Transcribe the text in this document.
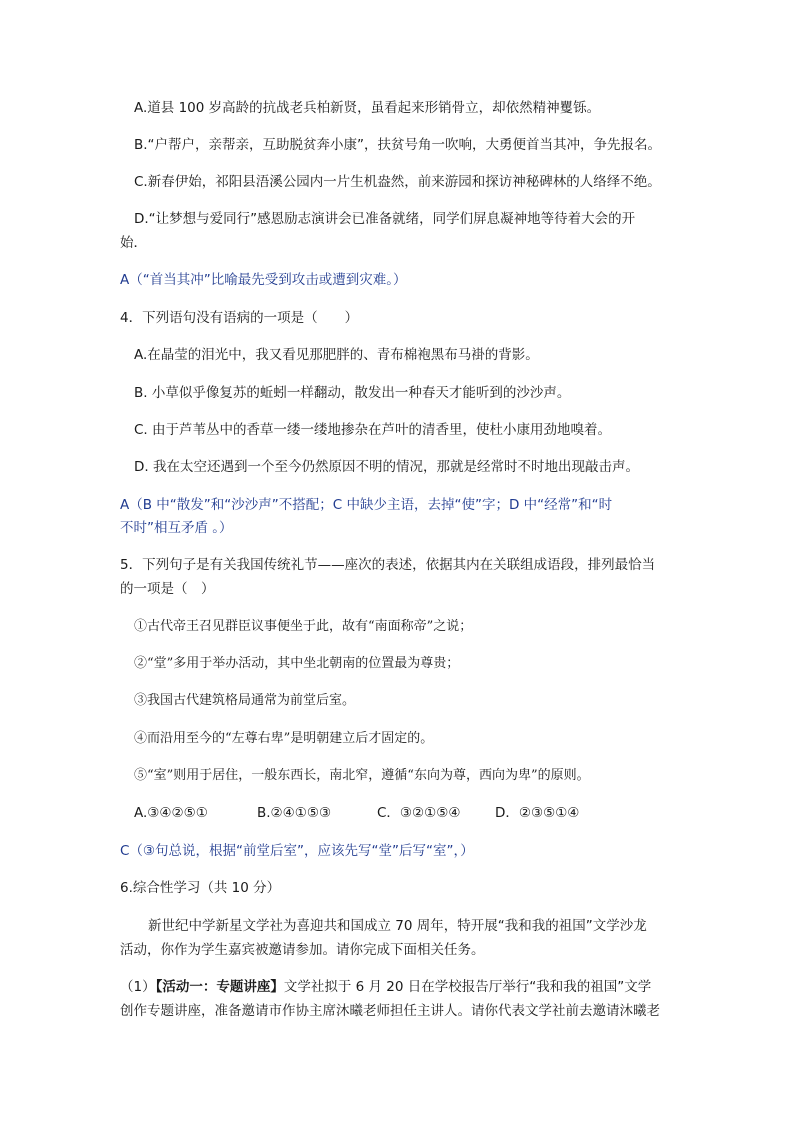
A.道县 100 岁高龄的抗战老兵柏新贤，虽看起来形销骨立，却依然精神矍铄。
B.“户帮户，亲帮亲，互助脱贫奔小康”，扶贫号角一吹响，大勇便首当其冲，争先报名。
C.新春伊始，祁阳县浯溪公园内一片生机盎然，前来游园和探访神秘碑林的人络绎不绝。
D.“让梦想与爱同行”感恩励志演讲会已准备就绪，同学们屏息凝神地等待着大会的开
始．
A（“首当其冲”比喻最先受到攻击或遭到灾难。）
4．下列语句没有语病的一项是（　　）
A.在晶莹的泪光中，我又看见那肥胖的、青布棉袍黑布马褂的背影。
B. 小草似乎像复苏的蚯蚓一样翻动，散发出一种春天才能听到的沙沙声。
C. 由于芦苇丛中的香草一缕一缕地掺杂在芦叶的清香里，使杜小康用劲地嗅着。
D. 我在太空还遇到一个至今仍然原因不明的情况，那就是经常时不时地出现敲击声。
A（B 中“散发”和“沙沙声”不搭配；C 中缺少主语，去掉“使”字；D 中“经常”和“时
不时”相互矛盾 。）
5．下列句子是有关我国传统礼节——座次的表述，依据其内在关联组成语段，排列最恰当
的一项是（　）
①古代帝王召见群臣议事便坐于此，故有“南面称帝”之说；
②“堂”多用于举办活动，其中坐北朝南的位置最为尊贵；
③我国古代建筑格局通常为前堂后室。
④而沿用至今的“左尊右卑”是明朝建立后才固定的。
⑤“室”则用于居住，一般东西长，南北窄，遵循“东向为尊，西向为卑”的原则。
A.③④②⑤①	B.②④①⑤③	C．③②①⑤④	D．②③⑤①④
C（③句总说，根据“前堂后室”，应该先写“堂”后写“室”，）
6.综合性学习（共 10 分）
新世纪中学新星文学社为喜迎共和国成立 70 周年，特开展“我和我的祖国”文学沙龙
活动，你作为学生嘉宾被邀请参加。请你完成下面相关任务。
（1）【活动一：专题讲座】文学社拟于 6 月 20 日在学校报告厅举行“我和我的祖国”文学
创作专题讲座，准备邀请市作协主席沐曦老师担任主讲人。请你代表文学社前去邀请沐曦老
